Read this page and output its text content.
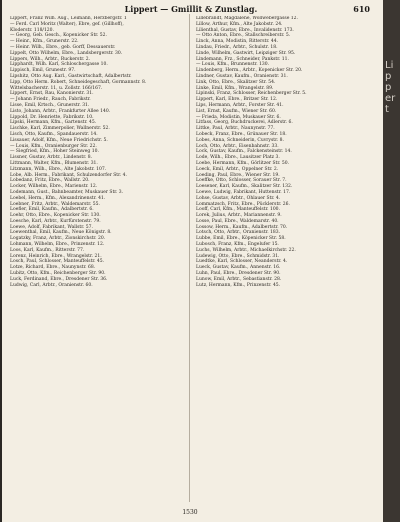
Lippert
Lippert — Gmillit & Zunstlag.	610

Lippert, Franz Wilh. Aug., Leimann, Herzbergstr. 1

— Ferd. Carl Moritz (Walter), Ebre, gef. (Gillhoff),

Kloderstr. 118/120.

— Georg, Geb. Gesch., Kopenicker Str. 52.

— Heinr., Kfm., Grunerstr. 22.

— Heinr. Wilh., Ebre., geb. Gorff, Dessauerstr.

Lippelt, Otto Wilhelm, Ebre., Landsbergerstr. 30.

Lippers, Wilh., Arbtr., Ruckerstr. 2.

Lipphardt, Wilh. Karl, Schloschergasse 10.

Lippisch, Emil, Grunestr. 97.

Lipshitz, Otto Aug. Karl., Gastwirtschaft, Adalbertstr.

Lipp, Otto Herm. Robert, Schneidegeschaft, Gormannstr. 8.

Wittelsbacherstr. 11, u. Zollstr. 166/167.

Lippert, Ernst, Rau, Kanonierstr. 31.

— Johann Friedr., Rauch, Fabrikstr.

Lisse, Emil, Krtsch., Grunerstr. 31.

Listo, Johann, Arbtr., Frankfurter Allee 140.

Lippold, Dr. Henriette, Fabrikstr. 10.

Lipski, Hermann, Kfm., Gartenstr. 45.

Lischke, Karl, Zimmerpolier, Wallnerstr. 52.

Lisch, Otto, Kaufm., Spandauerstr. 14.

Lissauer, Adolf, Kfm., Neue Friedrichstr. 5.

— Louis, Kfm., Oranienburger Str. 22.

— Siegfried, Kfm., Hoher Steinweg 10.

Lissner, Gustav, Arbtr., Lindenstr. 8.

Littmann, Walter, Kfm., Blumenstr. 31.

Litzmann, Wilh., Ebre., Alte Jakobstr. 107.

Lobe, Alb. Herm., Fabrikant, Schulzendorfer Str. 4.

Lobedanz, Fritz, Ebre., Wallstr. 20.

Locker, Wilhelm, Ebre., Marienstr. 12.

Lodemann, Gust., Bahnbeamter, Muskauer Str. 3.

Loebel, Herm., Kfm., Alexandrinenstr. 41.

Loebner, Fritz, Arbtr., Waldemarstr. 55.

Loefler, Emil, Kaufm., Adalbertstr. 6.

Loehr, Otto, Ebre., Kopenicker Str. 130.

Loesche, Karl, Arbtr., Kurfürstenstr. 79.

Loewe, Adolf, Fabrikant, Wallstr. 57.

Loewenthal, Emil, Kaufm., Neue Königstr. 8.

Logatzky, Franz, Arbtr., Zionskirchstr. 20.

Lohmann, Wilhelm, Ebre., Prinzenstr. 12.

Loos, Karl, Kaufm., Ritterstr. 77.

Lorenz, Heinrich, Ebre., Wrangelstr. 21.

Losch, Paul, Schlosser, Manteuffelstr. 45.

Lotze, Richard, Ebre., Naunynstr. 68.

Lubitz, Otto, Kfm., Reichenberger Str. 90.

Luck, Ferdinand, Ebre., Dresdener Str. 36.

Ludwig, Carl, Arbtr., Oranienstr. 60.

Lillebrandt, Magdalene, Wollwebergasse 12.

Lillow, Arthur, Kfm., Alte Jakobstr. 24.

Lilienthal, Gustav, Ebre., Invalidenstr. 173.

— Otto Anton, Ebre., Stallschreiberstr. 5.

Linck, Anna, Modistin, Ritterstr. 44.

Lindau, Friedr., Arbtr., Schulstr. 18.

Linde, Wilhelm, Gastwirt, Leipziger Str. 95.

Lindemann, Frz., Schneider, Pankstr. 11.

— Louis, Kfm., Brunnenstr. 130.

Lindenberg, Herm., Arbtr., Kopenicker Str. 20.

Lindner, Gustav, Kaufm., Oranienstr. 31.

Link, Otto, Ebre., Skalitzer Str. 54.

Linke, Emil, Kfm., Wrangelstr. 89.

Lipinski, Franz, Schlosser, Reichenberger Str. 5.

Lippert, Karl, Ebre., Britzer Str. 12.

Lips, Hermann, Arbtr., Forster Str. 41.

List, Ernst, Kaufm., Wiener Str. 60.

— Frieda, Modistin, Muskauer Str. 6.

Litfass, Georg, Buchdruckerei, Adlerstr. 6.

Littke, Paul, Arbtr., Naunynstr. 77.

Lobeck, Franz, Ebre., Grünauer Str. 18.

Lobes, Anna, Schneiderin, Cuvrystr. 8.

Loch, Otto, Arbtr., Eisenbahnstr. 33.

Lock, Gustav, Kaufm., Falckensteinstr. 14.

Lode, Wilh., Ebre., Lausitzer Platz 3.

Loebe, Hermann, Kfm., Görlitzer Str. 50.

Loeck, Emil, Arbtr., Oppelner Str. 2.

Loeding, Paul, Ebre., Wiener Str. 19.

Loeffke, Otto, Schlosser, Sorauer Str. 7.

Loesener, Karl, Kaufm., Skalitzer Str. 132.

Loewe, Ludwig, Fabrikant, Huttenstr. 17.

Lohse, Gustav, Arbtr., Ohlauer Str. 4.

Lommatzsch, Fritz, Ebre., Pücklerstr. 26.

Looff, Carl, Kfm., Manteuffelstr. 100.

Lorek, Julius, Arbtr., Mariannenstr. 9.

Losse, Paul, Ebre., Waldemarstr. 40.

Lossow, Herm., Kaufm., Adalbertstr. 70.

Lotsch, Otto, Arbtr., Oranienstr. 183.

Lubbe, Emil, Ebre., Köpenicker Str. 58.

Lubosch, Franz, Kfm., Engelufer 15.

Luchs, Wilhelm, Arbtr., Michaelkirchstr. 22.

Ludewig, Otto, Ebre., Schmidstr. 31.

Luedtke, Karl, Schlosser, Neanderstr. 4.

Lueck, Gustav, Kaufm., Annenstr. 16.

Luhn, Paul, Ebre., Dresdener Str. 90.

Lunow, Emil, Arbtr., Sebastianstr. 28.

Lutz, Hermann, Kfm., Prinzenstr. 45.

1530
